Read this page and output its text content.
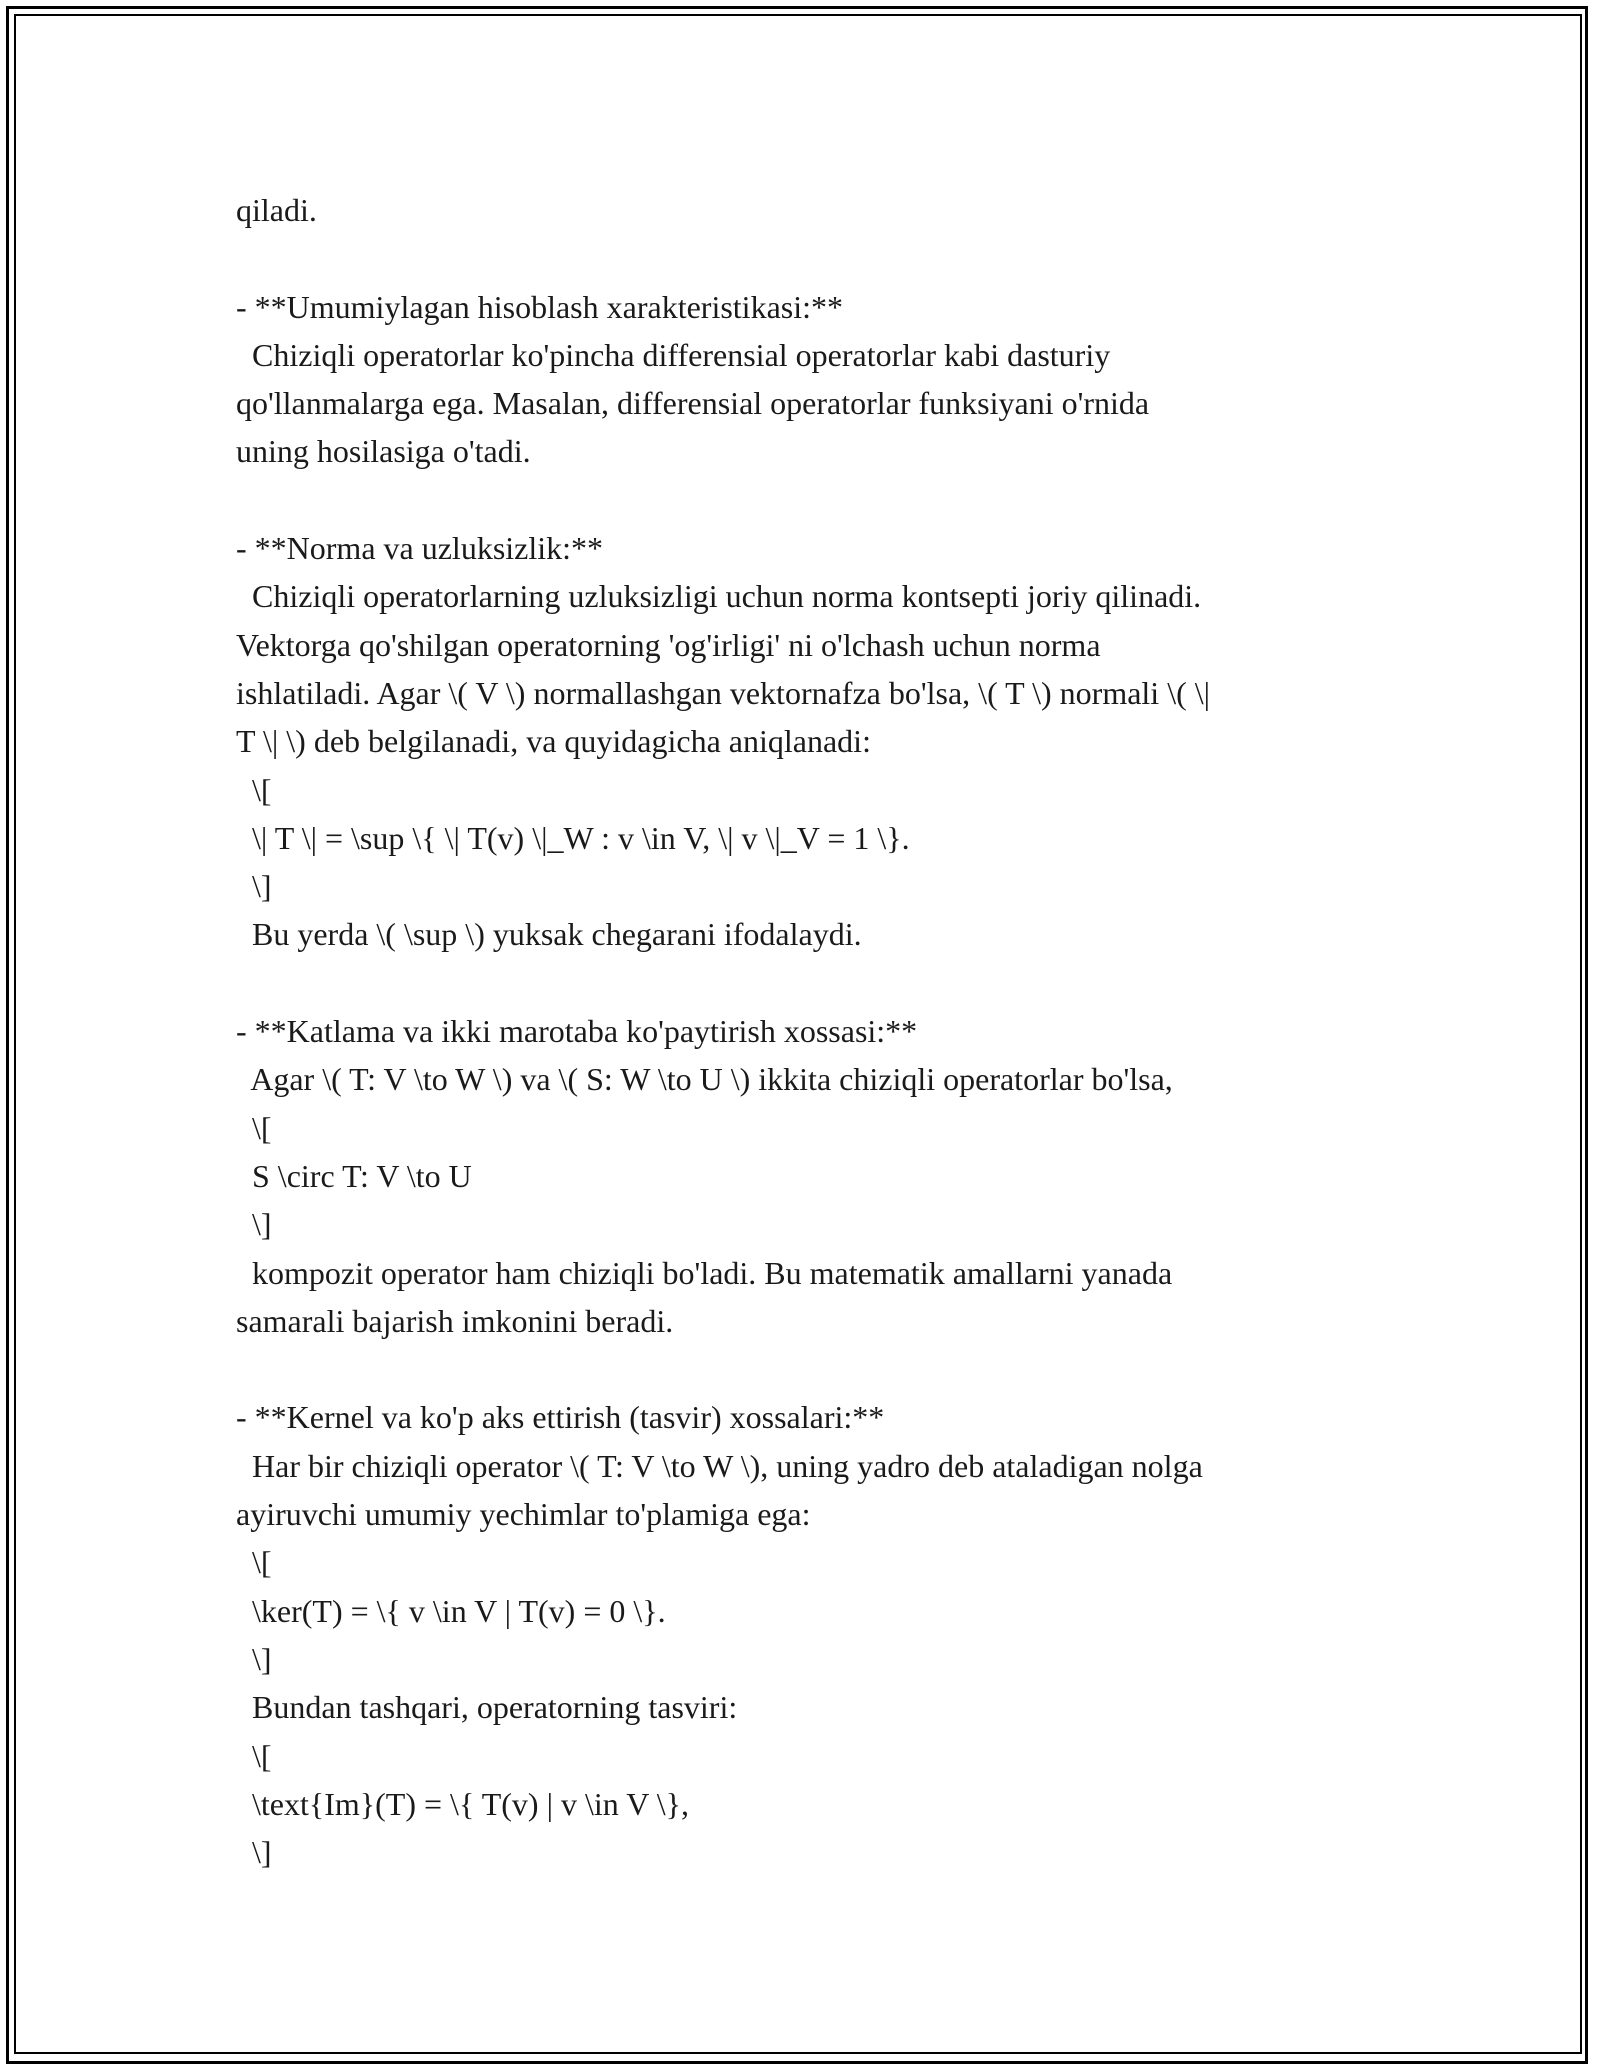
qiladi.
- **Umumiylagan hisoblash xarakteristikasi:**
Chiziqli operatorlar ko'pincha differensial operatorlar kabi dasturiy
qo'llanmalarga ega. Masalan, differensial operatorlar funksiyani o'rnida
uning hosilasiga o'tadi.
- **Norma va uzluksizlik:**
Chiziqli operatorlarning uzluksizligi uchun norma kontsepti joriy qilinadi.
Vektorga qo'shilgan operatorning 'og'irligi' ni o'lchash uchun norma
ishlatiladi. Agar \( V \) normallashgan vektornafza bo'lsa, \( T \) normali \( \|
T \| \) deb belgilanadi, va quyidagicha aniqlanadi:
\[
\| T \| = \sup \{ \| T(v) \|_W : v \in V, \| v \|_V = 1 \}.
\]
Bu yerda \( \sup \) yuksak chegarani ifodalaydi.
- **Katlama va ikki marotaba ko'paytirish xossasi:**
Agar \( T: V \to W \) va \( S: W \to U \) ikkita chiziqli operatorlar bo'lsa,
\[
S \circ T: V \to U
\]
kompozit operator ham chiziqli bo'ladi. Bu matematik amallarni yanada
samarali bajarish imkonini beradi.
- **Kernel va ko'p aks ettirish (tasvir) xossalari:**
Har bir chiziqli operator \( T: V \to W \), uning yadro deb ataladigan nolga
ayiruvchi umumiy yechimlar to'plamiga ega:
\[
\ker(T) = \{ v \in V | T(v) = 0 \}.
\]
Bundan tashqari, operatorning tasviri:
\[
\text{Im}(T) = \{ T(v) | v \in V \},
\]
